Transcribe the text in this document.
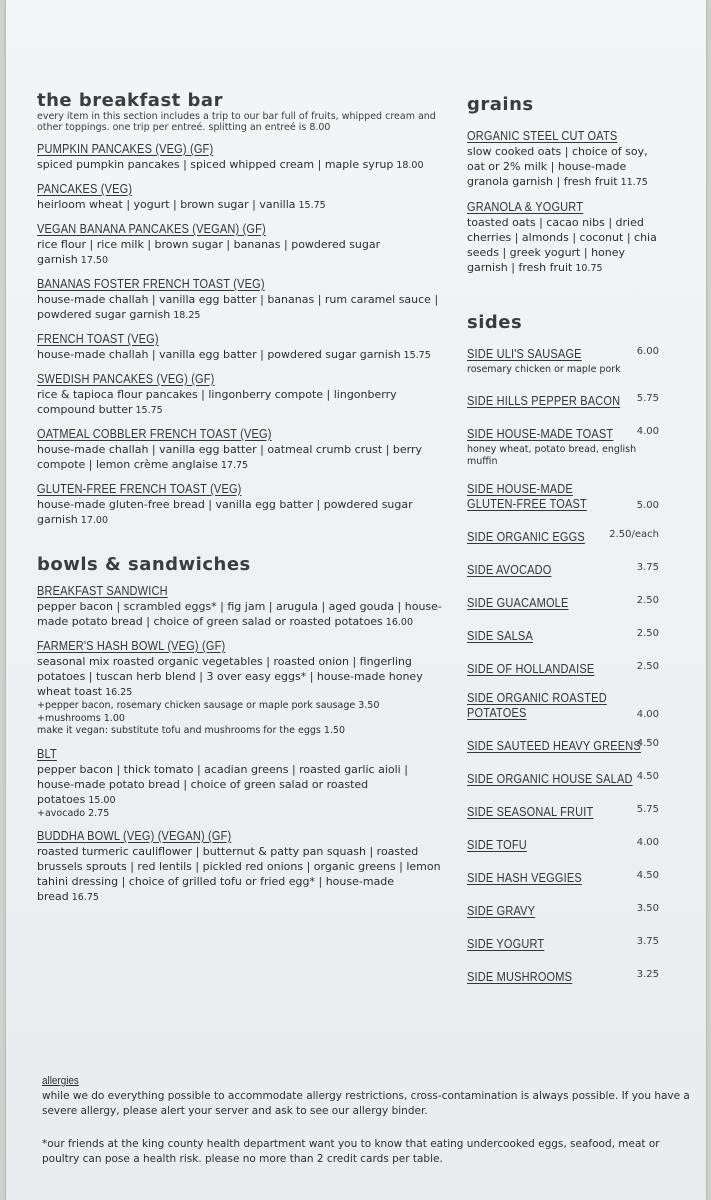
the breakfast bar

every item in this section includes a trip to our bar full of fruits, whipped cream and other toppings. one trip per entreé. splitting an entreé is 8.00

PUMPKIN PANCAKES (VEG) (GF)
spiced pumpkin pancakes | spiced whipped cream | maple syrup 18.00
PANCAKES (VEG)
heirloom wheat | yogurt | brown sugar | vanilla 15.75
VEGAN BANANA PANCAKES (VEGAN) (GF)
rice flour | rice milk | brown sugar | bananas | powdered sugar garnish 17.50
BANANAS FOSTER FRENCH TOAST (VEG)
house-made challah | vanilla egg batter | bananas | rum caramel sauce | powdered sugar garnish 18.25
FRENCH TOAST (VEG)
house-made challah | vanilla egg batter | powdered sugar garnish 15.75
SWEDISH PANCAKES (VEG) (GF)
rice & tapioca flour pancakes | lingonberry compote | lingonberry compound butter 15.75
OATMEAL COBBLER FRENCH TOAST (VEG)
house-made challah | vanilla egg batter | oatmeal crumb crust | berry compote | lemon crème anglaise 17.75
GLUTEN-FREE FRENCH TOAST (VEG)
house-made gluten-free bread | vanilla egg batter | powdered sugar garnish 17.00
bowls & sandwiches
BREAKFAST SANDWICH
pepper bacon | scrambled eggs* | fig jam | arugula | aged gouda | house-made potato bread | choice of green salad or roasted potatoes 16.00
FARMER'S HASH BOWL (VEG) (GF)
seasonal mix roasted organic vegetables | roasted onion | fingerling potatoes | tuscan herb blend | 3 over easy eggs* | house-made honey wheat toast 16.25
+pepper bacon, rosemary chicken sausage or maple pork sausage 3.50
+mushrooms 1.00
make it vegan: substitute tofu and mushrooms for the eggs 1.50
BLT
pepper bacon | thick tomato | acadian greens | roasted garlic aioli | house-made potato bread | choice of green salad or roasted potatoes 15.00
+avocado 2.75
BUDDHA BOWL (VEG) (VEGAN) (GF)
roasted turmeric cauliflower | butternut & patty pan squash | roasted brussels sprouts | red lentils | pickled red onions | organic greens | lemon tahini dressing | choice of grilled tofu or fried egg* | house-made bread 16.75
grains
ORGANIC STEEL CUT OATS
slow cooked oats | choice of soy, oat or 2% milk | house-made granola garnish | fresh fruit 11.75
GRANOLA & YOGURT
toasted oats | cacao nibs | dried cherries | almonds | coconut | chia seeds | greek yogurt | honey garnish | fresh fruit 10.75
sides
SIDE ULI'S SAUSAGE	6.00
rosemary chicken or maple pork
SIDE HILLS PEPPER BACON 5.75
SIDE HOUSE-MADE TOAST 4.00
honey wheat, potato bread, english muffin
SIDE HOUSE-MADE GLUTEN-FREE TOAST	5.00
SIDE ORGANIC EGGS 2.50/each
SIDE AVOCADO	3.75
SIDE GUACAMOLE	2.50
SIDE SALSA	2.50
SIDE OF HOLLANDAISE	2.50
SIDE ORGANIC ROASTED POTATOES	4.00
SIDE SAUTEED HEAVY GREENS
4.50
SIDE ORGANIC HOUSE SALAD 4.50
SIDE SEASONAL FRUIT	5.75
SIDE TOFU	4.00
SIDE HASH VEGGIES	4.50
SIDE GRAVY	3.50
SIDE YOGURT	3.75
SIDE MUSHROOMS	3.25
allergies
while we do everything possible to accommodate allergy restrictions, cross-contamination is always possible. If you have a severe allergy, please alert your server and ask to see our allergy binder.
*our friends at the king county health department want you to know that eating undercooked eggs, seafood, meat or poultry can pose a health risk. please no more than 2 credit cards per table.
